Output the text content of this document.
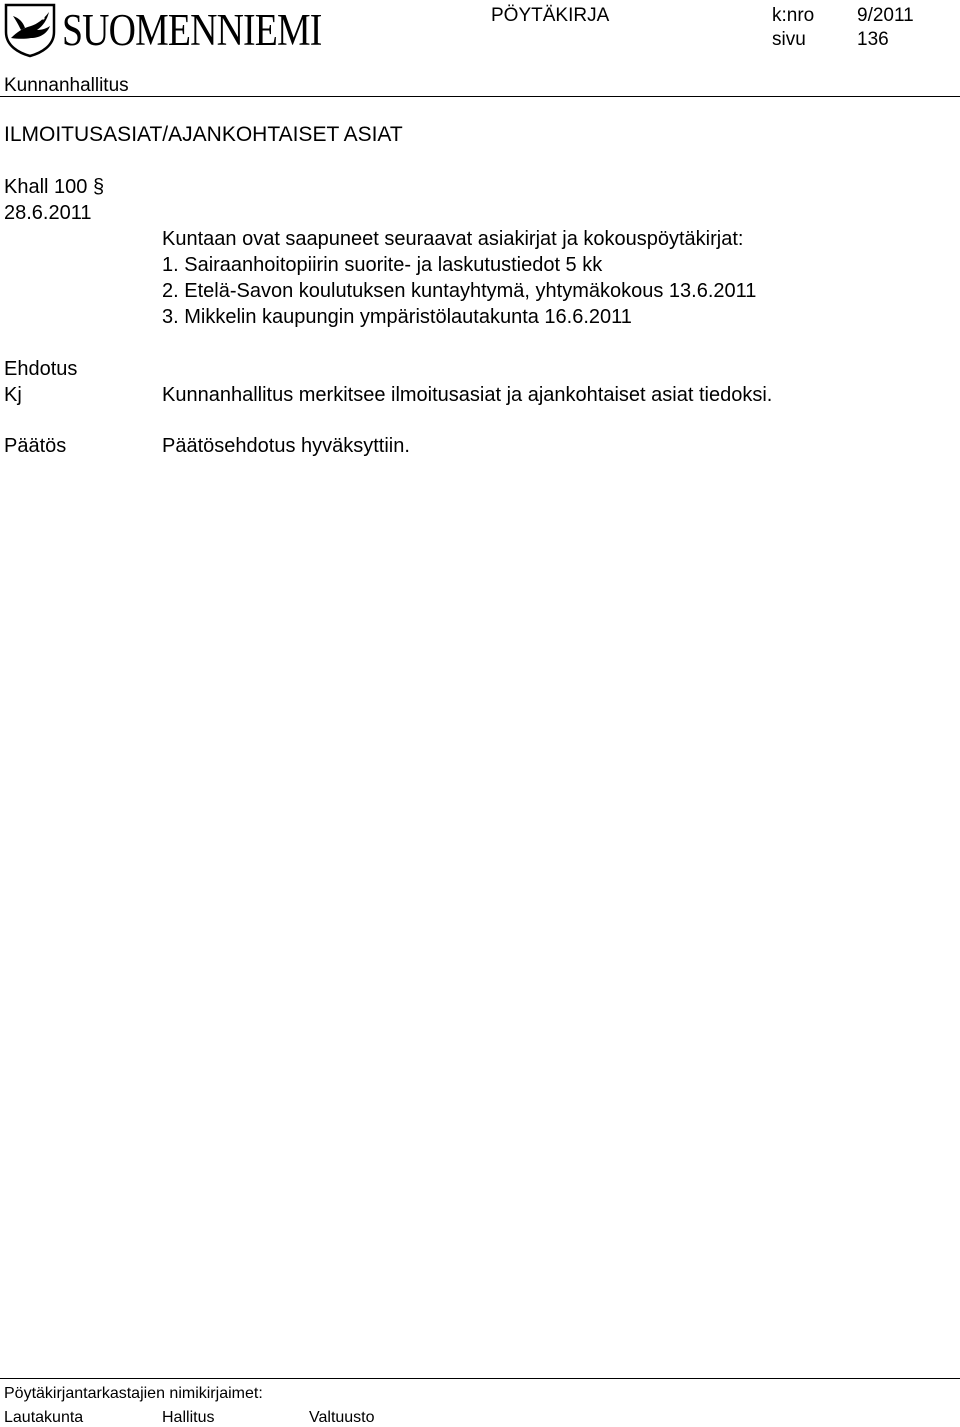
SUOMENNIEMI	PÖYTÄKIRJA	k:nro 9/2011
sivu	136
Kunnanhallitus
ILMOITUSASIAT/AJANKOHTAISET ASIAT
Khall 100 §
28.6.2011
Kuntaan ovat saapuneet seuraavat asiakirjat ja kokouspöytäkirjat:
1. Sairaanhoitopiirin suorite- ja laskutustiedot 5 kk
2. Etelä-Savon koulutuksen kuntayhtymä, yhtymäkokous 13.6.2011
3. Mikkelin kaupungin ympäristölautakunta 16.6.2011
Ehdotus
Kj	Kunnanhallitus merkitsee ilmoitusasiat ja ajankohtaiset asiat tiedoksi.
Päätös	Päätösehdotus hyväksyttiin.
Pöytäkirjantarkastajien nimikirjaimet:
Lautakunta	Hallitus	Valtuusto
